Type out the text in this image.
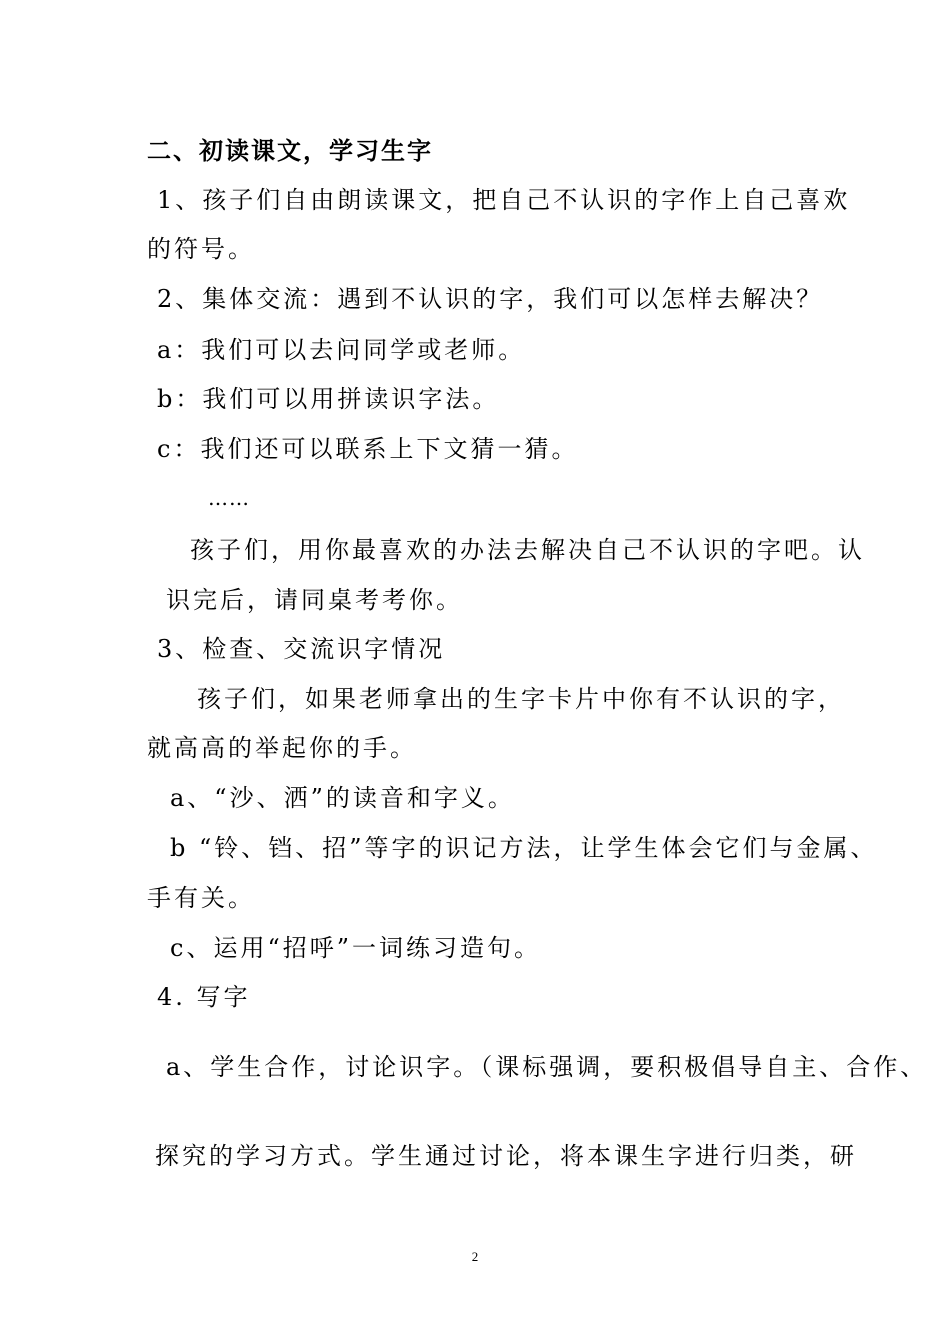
二、初读课文，学习生字
1、孩子们自由朗读课文，把自己不认识的字作上自己喜欢
的符号。
2、集体交流：遇到不认识的字，我们可以怎样去解决？
a：我们可以去问同学或老师。
b：我们可以用拼读识字法。
c：我们还可以联系上下文猜一猜。
……
孩子们，用你最喜欢的办法去解决自己不认识的字吧。认
识完后，请同桌考考你。
3、检查、交流识字情况
孩子们，如果老师拿出的生字卡片中你有不认识的字，
就高高的举起你的手。
a、“沙、洒”的读音和字义。
b “铃、铛、招”等字的识记方法，让学生体会它们与金属、
手有关。
c、运用“招呼”一词练习造句。
4. 写字
a、学生合作，讨论识字。（课标强调，要积极倡导自主、合作、
探究的学习方式。学生通过讨论，将本课生字进行归类，研
2
